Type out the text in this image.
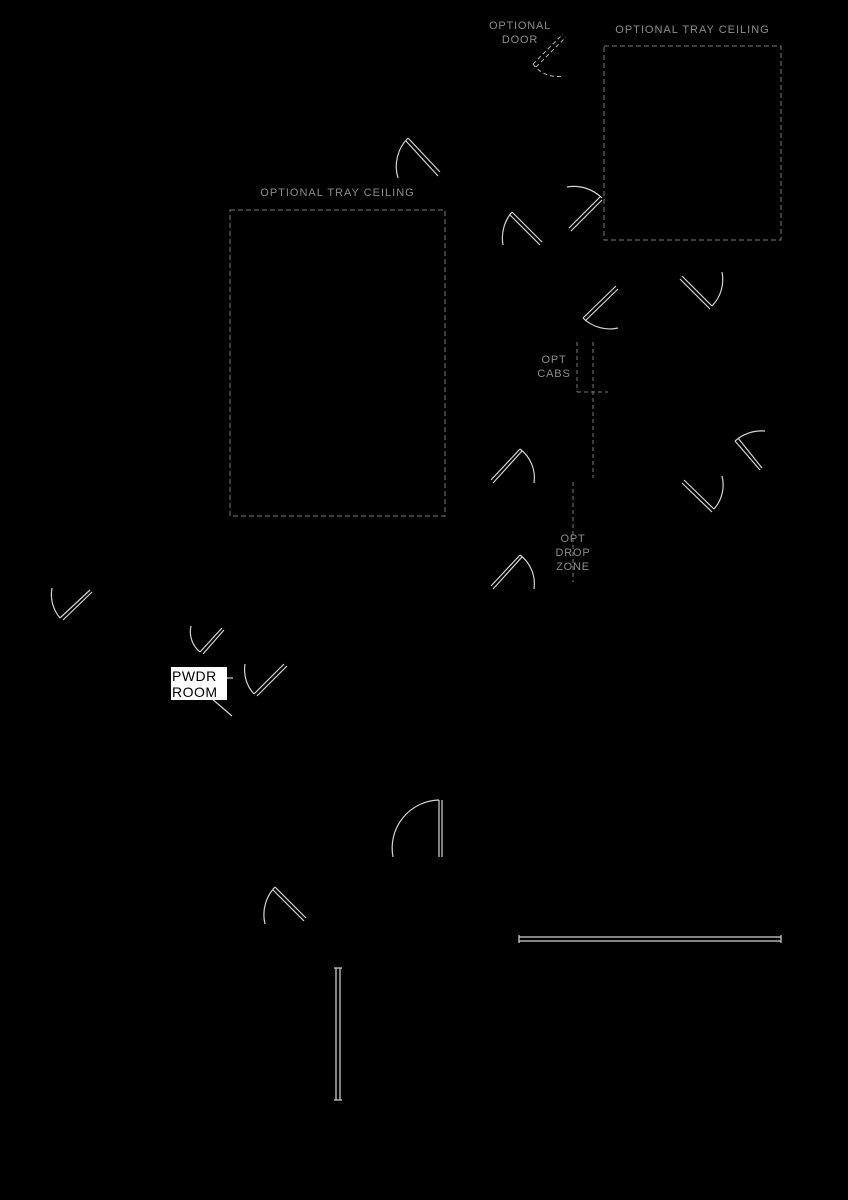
OPTIONAL
DOOR
OPTIONAL TRAY CEILING
OPTIONAL TRAY CEILING
OPT
CABS
OPT
DROP
ZONE
PWDR
ROOM
